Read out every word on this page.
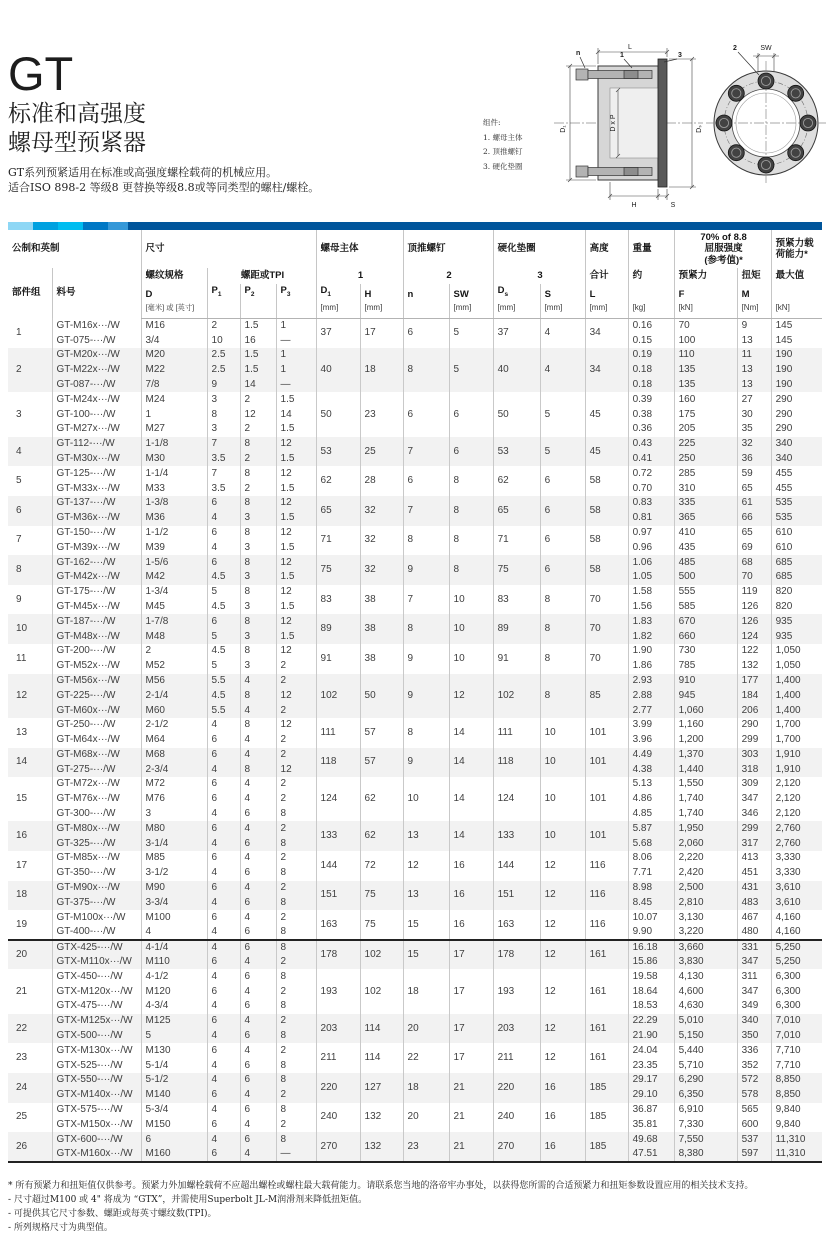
GT
标准和高强度
螺母型预紧器
GT系列预紧适用在标准或高强度螺栓载荷的机械应用。
适合ISO 898-2 等级8 更替换等级8.8或等同类型的螺柱/螺栓。
组件:
1. 螺母主体
2. 顶推螺钉
3. 硬化垫圈
L
D₁	D x P	Dₛ
H	S
n	1	3
2	SW
公制和英制		尺寸				螺母主体		顶推螺钉		硬化垫圈		高度	重量	70% of 8.8
屈服强度
(参考值)*		预紧力载荷能力*
部件组	料号	螺纹规格	螺距或TPI			1		2		3		合计	约	预紧力	扭矩	最大值
		D	$P_1$	$P_2$	$P_3$	$D_1$	H	n	SW	$D_s$	S	L		F	M	
		[毫米] 或 [英寸]				[mm]	[mm]		[mm]	[mm]	[mm]	[mm]	[kg]	[kN]	[Nm]	[kN]
1	GT-M16x···/W	M16	2	1.5	1	37	17	6	5	37	4	34	0.16	70	9	145
	GT-075-···/W	3/4	10	16	—								0.15	100	13	145
2	GT-M20x···/W	M20	2.5	1.5	1	40	18	8	5	40	4	34	0.19	110	11	190
	GT-M22x···/W	M22	2.5	1.5	1								0.18	135	13	190
	GT-087-···/W	7/8	9	14	—								0.18	135	13	190
3	GT-M24x···/W	M24	3	2	1.5	50	23	6	6	50	5	45	0.39	160	27	290
	GT-100-···/W	1	8	12	14								0.38	175	30	290
	GT-M27x···/W	M27	3	2	1.5								0.36	205	35	290
4	GT-112-···/W	1-1/8	7	8	12	53	25	7	6	53	5	45	0.43	225	32	340
	GT-M30x···/W	M30	3.5	2	1.5								0.41	250	36	340
5	GT-125-···/W	1-1/4	7	8	12	62	28	6	8	62	6	58	0.72	285	59	455
	GT-M33x···/W	M33	3.5	2	1.5								0.70	310	65	455
6	GT-137-···/W	1-3/8	6	8	12	65	32	7	8	65	6	58	0.83	335	61	535
	GT-M36x···/W	M36	4	3	1.5								0.81	365	66	535
7	GT-150-···/W	1-1/2	6	8	12	71	32	8	8	71	6	58	0.97	410	65	610
	GT-M39x···/W	M39	4	3	1.5								0.96	435	69	610
8	GT-162-···/W	1-5/6	6	8	12	75	32	9	8	75	6	58	1.06	485	68	685
	GT-M42x···/W	M42	4.5	3	1.5								1.05	500	70	685
9	GT-175-···/W	1-3/4	5	8	12	83	38	7	10	83	8	70	1.58	555	119	820
	GT-M45x···/W	M45	4.5	3	1.5								1.56	585	126	820
10	GT-187-···/W	1-7/8	6	8	12	89	38	8	10	89	8	70	1.83	670	126	935
	GT-M48x···/W	M48	5	3	1.5								1.82	660	124	935
11	GT-200-···/W	2	4.5	8	12	91	38	9	10	91	8	70	1.90	730	122	1,050
	GT-M52x···/W	M52	5	3	2								1.86	785	132	1,050
12	GT-M56x···/W	M56	5.5	4	2	102	50	9	12	102	8	85	2.93	910	177	1,400
	GT-225-···/W	2-1/4	4.5	8	12								2.88	945	184	1,400
	GT-M60x···/W	M60	5.5	4	2								2.77	1,060	206	1,400
13	GT-250-···/W	2-1/2	4	8	12	111	57	8	14	111	10	101	3.99	1,160	290	1,700
	GT-M64x···/W	M64	6	4	2								3.96	1,200	299	1,700
14	GT-M68x···/W	M68	6	4	2	118	57	9	14	118	10	101	4.49	1,370	303	1,910
	GT-275-···/W	2-3/4	4	8	12								4.38	1,440	318	1,910
15	GT-M72x···/W	M72	6	4	2	124	62	10	14	124	10	101	5.13	1,550	309	2,120
	GT-M76x···/W	M76	6	4	2								4.86	1,740	347	2,120
	GT-300-···/W	3	4	6	8								4.85	1,740	346	2,120
16	GT-M80x···/W	M80	6	4	2	133	62	13	14	133	10	101	5.87	1,950	299	2,760
	GT-325-···/W	3-1/4	4	6	8								5.68	2,060	317	2,760
17	GT-M85x···/W	M85	6	4	2	144	72	12	16	144	12	116	8.06	2,220	413	3,330
	GT-350-···/W	3-1/2	4	6	8								7.71	2,420	451	3,330
18	GT-M90x···/W	M90	6	4	2	151	75	13	16	151	12	116	8.98	2,500	431	3,610
	GT-375-···/W	3-3/4	4	6	8								8.45	2,810	483	3,610
19	GT-M100x···/W	M100	6	4	2	163	75	15	16	163	12	116	10.07	3,130	467	4,160
	GT-400-···/W	4	4	6	8								9.90	3,220	480	4,160
20	GTX-425-···/W	4-1/4	4	6	8	178	102	15	17	178	12	161	16.18	3,660	331	5,250
	GTX-M110x···/W	M110	6	4	2								15.86	3,830	347	5,250
21	GTX-450-···/W	4-1/2	4	6	8	193	102	18	17	193	12	161	19.58	4,130	311	6,300
	GTX-M120x···/W	M120	6	4	2								18.64	4,600	347	6,300
	GTX-475-···/W	4-3/4	4	6	8								18.53	4,630	349	6,300
22	GTX-M125x···/W	M125	6	4	2	203	114	20	17	203	12	161	22.29	5,010	340	7,010
	GTX-500-···/W	5	4	6	8								21.90	5,150	350	7,010
23	GTX-M130x···/W	M130	6	4	2	211	114	22	17	211	12	161	24.04	5,440	336	7,710
	GTX-525-···/W	5-1/4	4	6	8								23.35	5,710	352	7,710
24	GTX-550-···/W	5-1/2	4	6	8	220	127	18	21	220	16	185	29.17	6,290	572	8,850
	GTX-M140x···/W	M140	6	4	2								29.10	6,350	578	8,850
25	GTX-575-···/W	5-3/4	4	6	8	240	132	20	21	240	16	185	36.87	6,910	565	9,840
	GTX-M150x···/W	M150	6	4	2								35.81	7,330	600	9,840
26	GTX-600-···/W	6	4	6	8	270	132	23	21	270	16	185	49.68	7,550	537	11,310
	GTX-M160x···/W	M160	6	4	—								47.51	8,380	597	11,310
* 所有预紧力和扭矩值仅供参考。预紧力外加螺栓载荷不应超出螺栓或螺柱最大载荷能力。请联系您当地的洛帝牢办事处，以获得您所需的合适预紧力和扭矩参数设置应用的相关技术支持。
- 尺寸超过M100 或 4" 将成为 “GTX”，并需使用Superbolt JL-M润滑剂来降低扭矩值。
- 可提供其它尺寸参数、螺距或每英寸螺纹数(TPI)。
- 所列规格尺寸为典型值。
